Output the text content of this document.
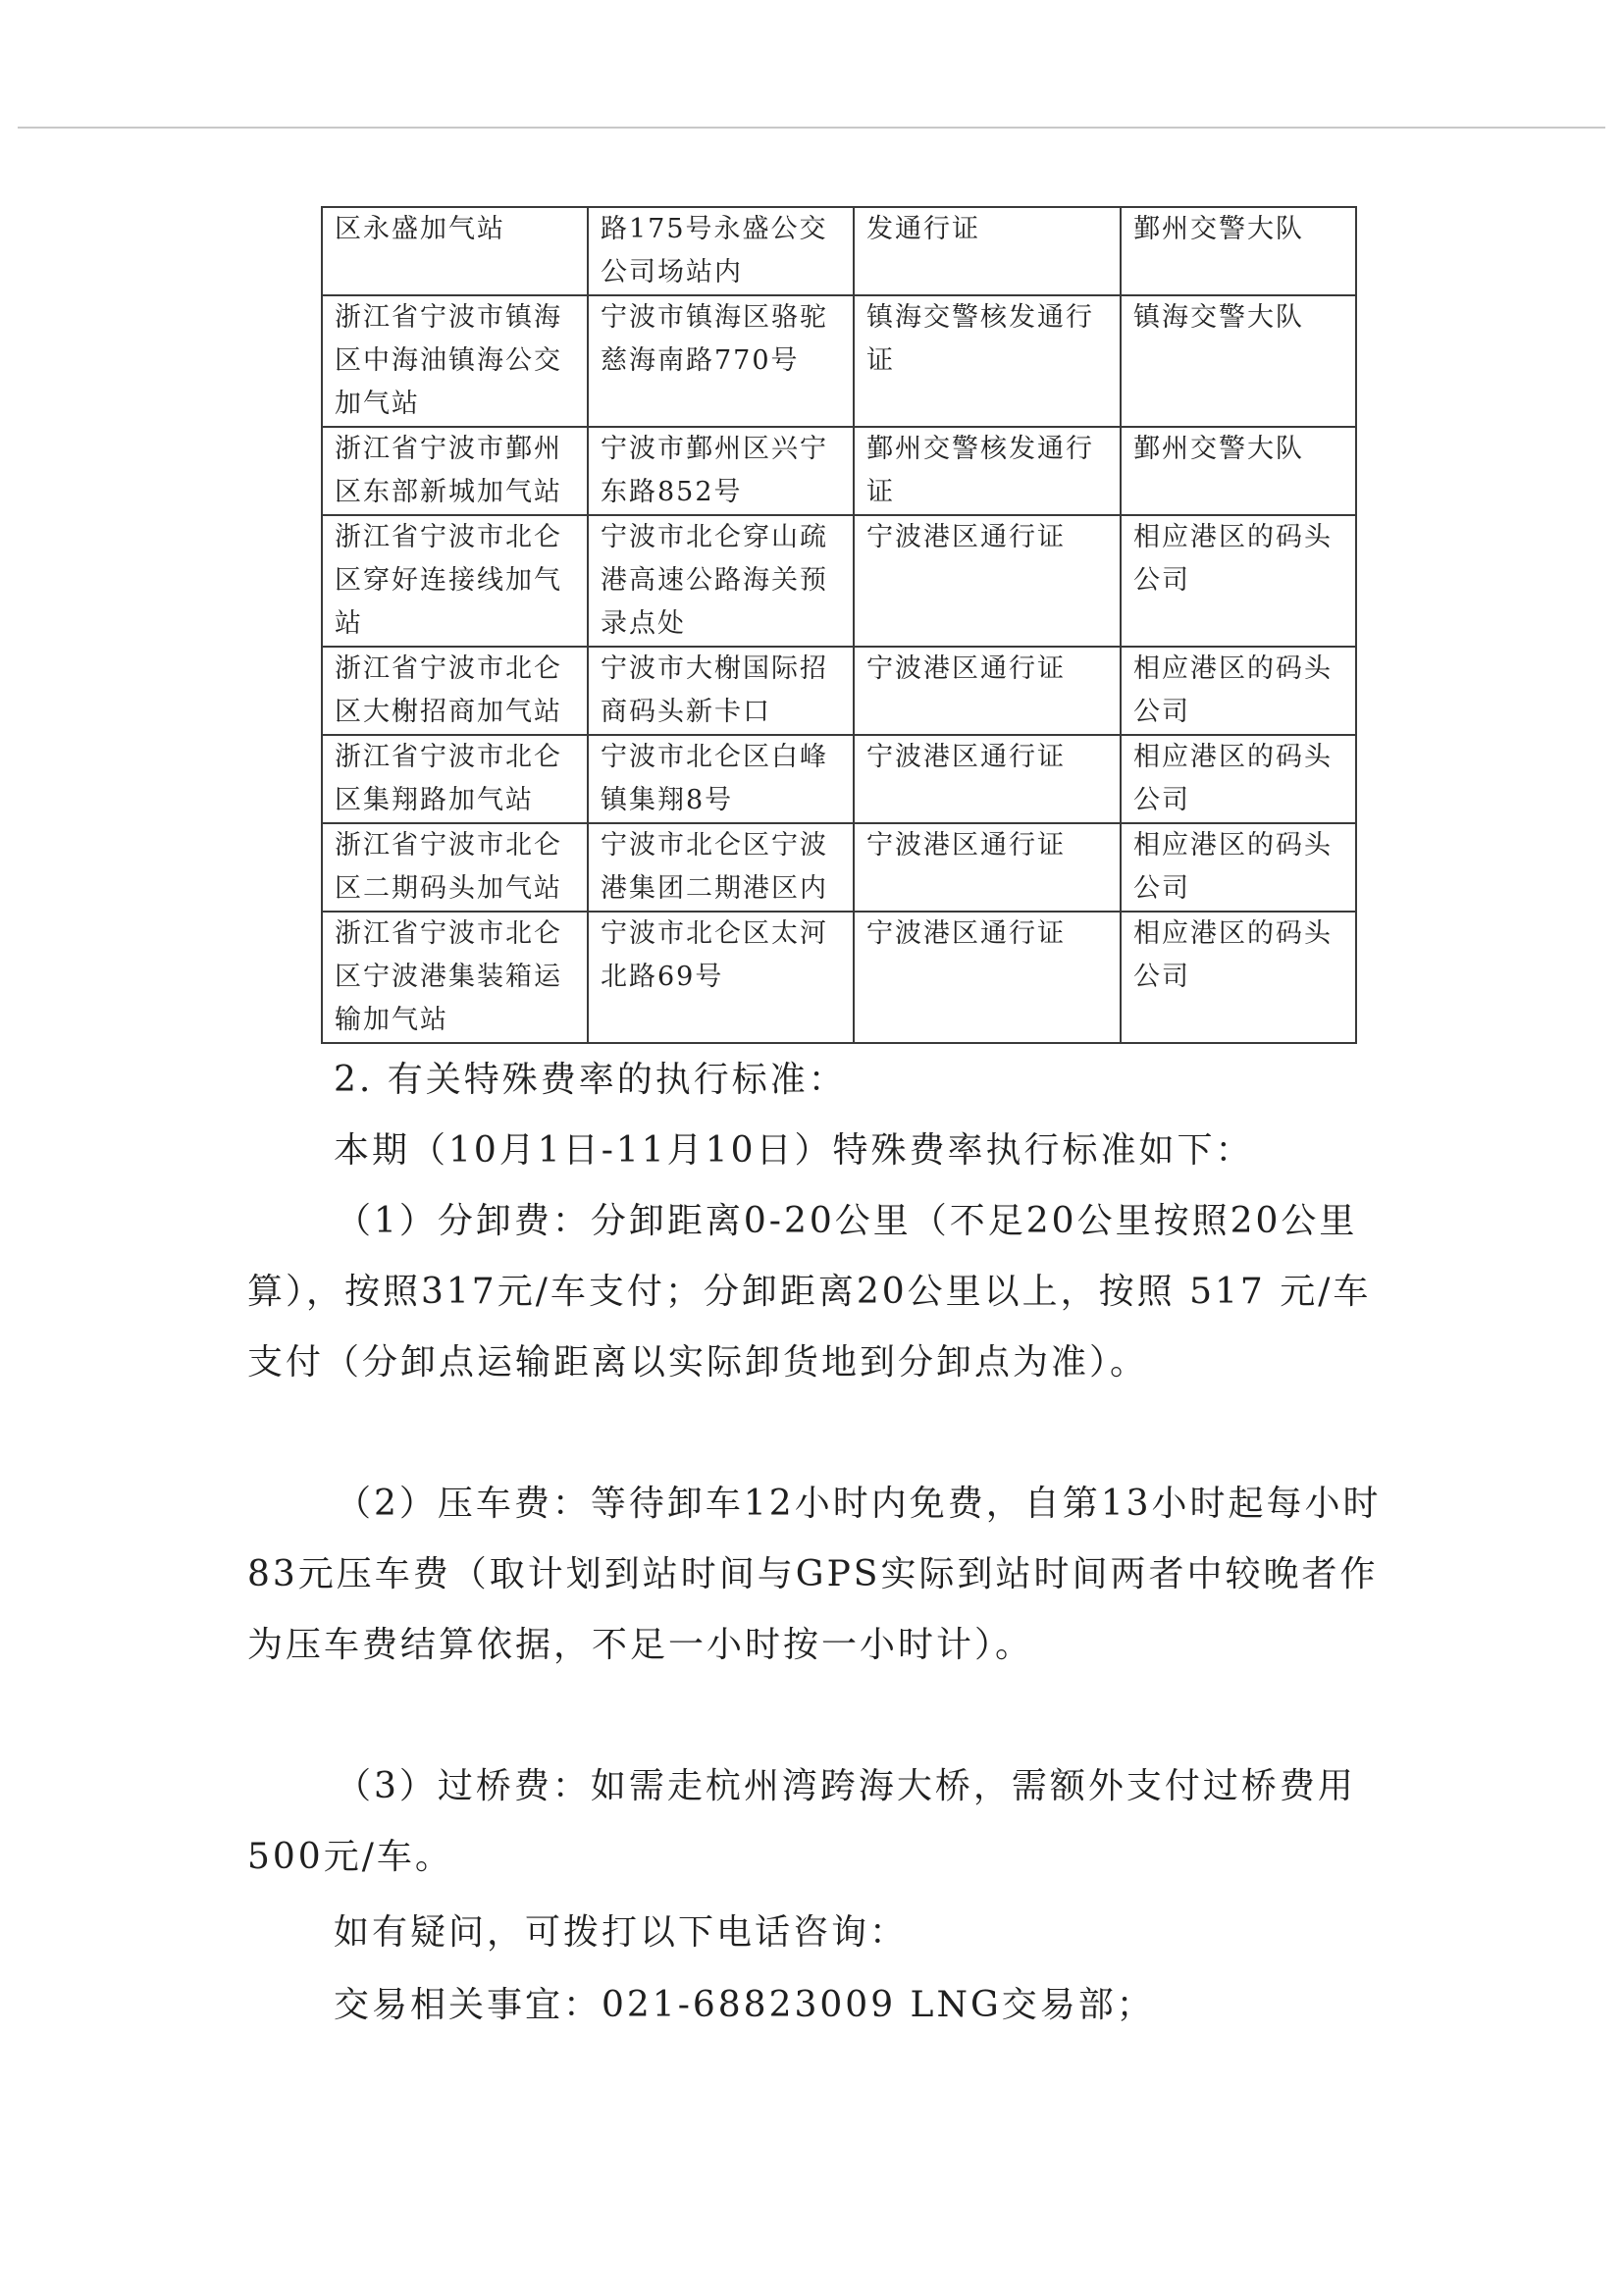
区永盛加气站	路175号永盛公交公司场站内	发通行证	鄞州交警大队
浙江省宁波市镇海区中海油镇海公交加气站	宁波市镇海区骆驼慈海南路770号	镇海交警核发通行证	镇海交警大队
浙江省宁波市鄞州区东部新城加气站	宁波市鄞州区兴宁东路852号	鄞州交警核发通行证	鄞州交警大队
浙江省宁波市北仑区穿好连接线加气站	宁波市北仑穿山疏港高速公路海关预录点处	宁波港区通行证	相应港区的码头公司
浙江省宁波市北仑区大榭招商加气站	宁波市大榭国际招商码头新卡口	宁波港区通行证	相应港区的码头公司
浙江省宁波市北仑区集翔路加气站	宁波市北仑区白峰镇集翔8号	宁波港区通行证	相应港区的码头公司
浙江省宁波市北仑区二期码头加气站	宁波市北仑区宁波港集团二期港区内	宁波港区通行证	相应港区的码头公司
浙江省宁波市北仑区宁波港集装箱运输加气站	宁波市北仑区太河北路69号	宁波港区通行证	相应港区的码头公司
2. 有关特殊费率的执行标准：
本期（10月1日-11月10日）特殊费率执行标准如下：
（1）分卸费：分卸距离0-20公里（不足20公里按照20公里算），按照317元/车支付；分卸距离20公里以上，按照 517 元/车支付（分卸点运输距离以实际卸货地到分卸点为准）。
（2）压车费：等待卸车12小时内免费，自第13小时起每小时83元压车费（取计划到站时间与GPS实际到站时间两者中较晚者作为压车费结算依据，不足一小时按一小时计）。
（3）过桥费：如需走杭州湾跨海大桥，需额外支付过桥费用500元/车。
如有疑问，可拨打以下电话咨询：
交易相关事宜：021-68823009 LNG交易部；
